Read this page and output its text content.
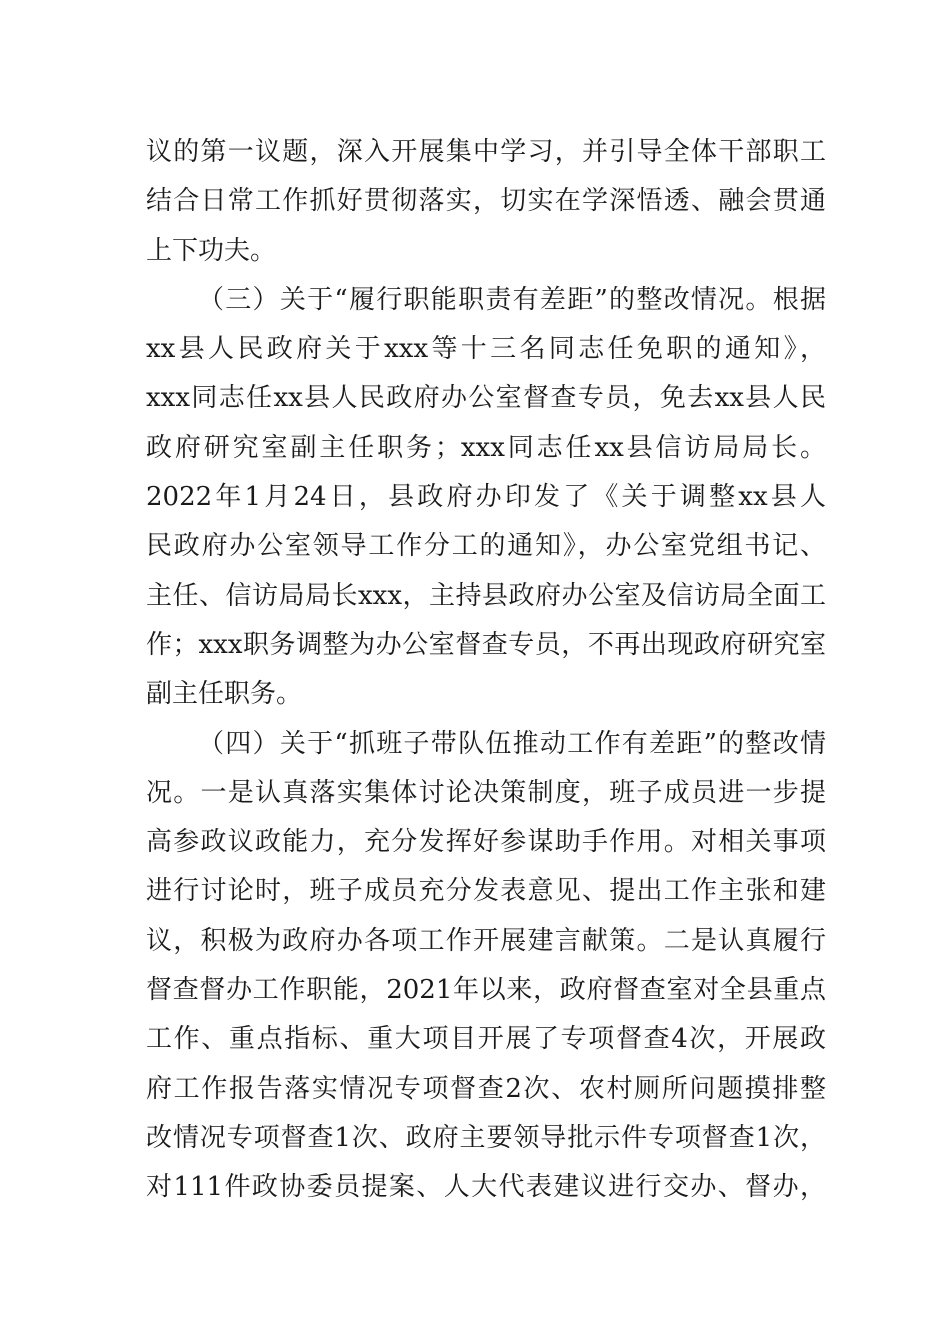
议的第一议题，深入开展集中学习，并引导全体干部职工
结合日常工作抓好贯彻落实，切实在学深悟透、融会贯通
上下功夫。
（三）关于“履行职能职责有差距”的整改情况。根据
xx县人民政府关于xxx等十三名同志任免职的通知》，
xxx同志任xx县人民政府办公室督查专员，免去xx县人民
政府研究室副主任职务；xxx同志任xx县信访局局长。
2022年1月24日，县政府办印发了《关于调整xx县人
民政府办公室领导工作分工的通知》，办公室党组书记、
主任、信访局局长xxx，主持县政府办公室及信访局全面工
作；xxx职务调整为办公室督查专员，不再出现政府研究室
副主任职务。
（四）关于“抓班子带队伍推动工作有差距”的整改情
况。一是认真落实集体讨论决策制度，班子成员进一步提
高参政议政能力，充分发挥好参谋助手作用。对相关事项
进行讨论时，班子成员充分发表意见、提出工作主张和建
议，积极为政府办各项工作开展建言献策。二是认真履行
督查督办工作职能，2021年以来，政府督查室对全县重点
工作、重点指标、重大项目开展了专项督查4次，开展政
府工作报告落实情况专项督查2次、农村厕所问题摸排整
改情况专项督查1次、政府主要领导批示件专项督查1次，
对111件政协委员提案、人大代表建议进行交办、督办，
